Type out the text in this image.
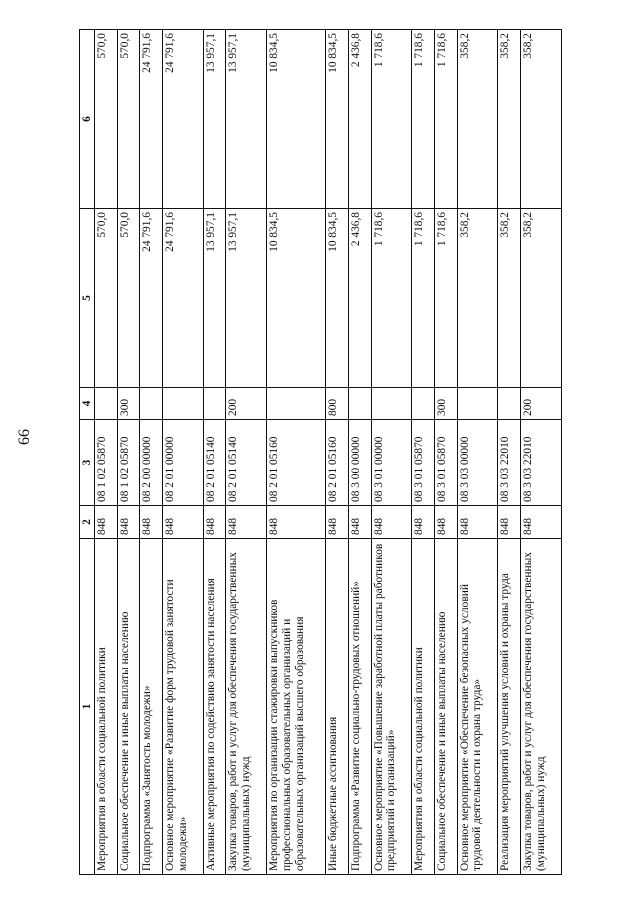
66
1	2	3	4	5	6
Мероприятия в области социальной политики	848	08 1 02 05870		570,0	570,0
Социальное обеспечение и иные выплаты населению	848	08 1 02 05870	300	570,0	570,0
Подпрограмма «Занятость молодежи»	848	08 2 00 00000		24 791,6	24 791,6
Основное мероприятие «Развитие форм трудовой занятости молодежи»	848	08 2 01 00000		24 791,6	24 791,6
Активные мероприятия по содействию занятости населения	848	08 2 01 05140		13 957,1	13 957,1
Закупка товаров, работ и услуг для обеспечения государственных (муниципальных) нужд	848	08 2 01 05140	200	13 957,1	13 957,1
Мероприятия по организации стажировки выпускников профессиональных образовательных организаций и образовательных организаций высшего образования	848	08 2 01 05160		10 834,5	10 834,5
Иные бюджетные ассигнования	848	08 2 01 05160	800	10 834,5	10 834,5
Подпрограмма «Развитие социально-трудовых отношений»	848	08 3 00 00000		2 436,8	2 436,8
Основное мероприятие «Повышение заработной платы работников предприятий и организаций»	848	08 3 01 00000		1 718,6	1 718,6
Мероприятия в области социальной политики	848	08 3 01 05870		1 718,6	1 718,6
Социальное обеспечение и иные выплаты населению	848	08 3 01 05870	300	1 718,6	1 718,6
Основное мероприятие «Обеспечение безопасных условий трудовой деятельности и охрана труда»	848	08 3 03 00000		358,2	358,2
Реализация мероприятий улучшения условий и охраны труда	848	08 3 03 22010		358,2	358,2
Закупка товаров, работ и услуг для обеспечения государственных (муниципальных) нужд	848	08 3 03 22010	200	358,2	358,2
